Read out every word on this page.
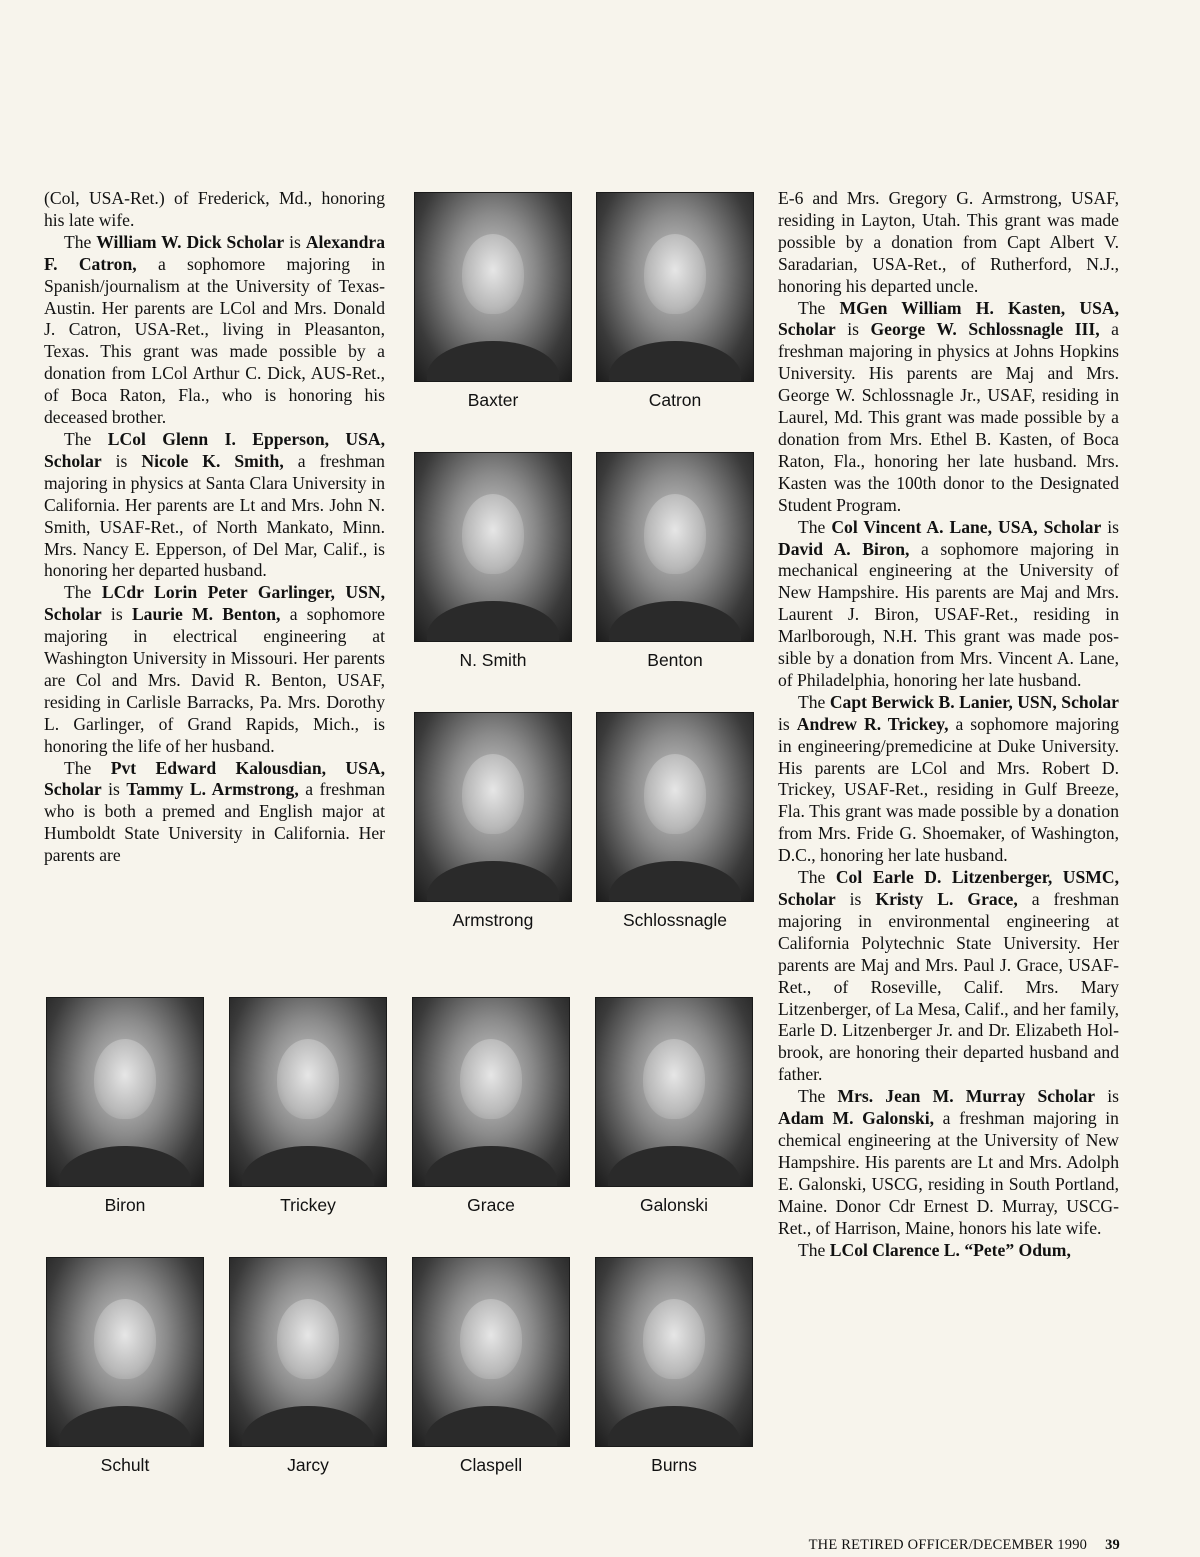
(Col, USA-Ret.) of Frederick, Md., honoring his late wife.

The William W. Dick Scholar is Alexandra F. Catron, a sophomore majoring in Spanish/journalism at the University of Texas-Austin. Her parents are LCol and Mrs. Donald J. Catron, USA-Ret., living in Pleasanton, Texas. This grant was made possible by a donation from LCol Arthur C. Dick, AUS-Ret., of Boca Raton, Fla., who is honoring his deceased brother.

The LCol Glenn I. Epperson, USA, Scholar is Nicole K. Smith, a freshman majoring in physics at Santa Clara University in California. Her parents are Lt and Mrs. John N. Smith, USAF-Ret., of North Mankato, Minn. Mrs. Nancy E. Epperson, of Del Mar, Calif., is honoring her departed husband.

The LCdr Lorin Peter Garlinger, USN, Scholar is Laurie M. Benton, a sophomore majoring in electrical engineering at Washington University in Missouri. Her parents are Col and Mrs. David R. Benton, USAF, residing in Carlisle Barracks, Pa. Mrs. Dorothy L. Garlinger, of Grand Rapids, Mich., is honoring the life of her husband.

The Pvt Edward Kalousdian, USA, Scholar is Tammy L. Armstrong, a freshman who is both a premed and English major at Humboldt State University in California. Her parents are

E-6 and Mrs. Gregory G. Armstrong, USAF, residing in Layton, Utah. This grant was made possible by a donation from Capt Albert V. Saradarian, USA-Ret., of Rutherford, N.J., honoring his departed uncle.

The MGen William H. Kasten, USA, Scholar is George W. Schlossnagle III, a freshman majoring in physics at Johns Hopkins University. His parents are Maj and Mrs. George W. Schlossnagle Jr., USAF, residing in Laurel, Md. This grant was made possible by a donation from Mrs. Ethel B. Kasten, of Boca Raton, Fla., honoring her late husband. Mrs. Kasten was the 100th donor to the Designated Student Program.

The Col Vincent A. Lane, USA, Scholar is David A. Biron, a sophomore majoring in mechanical engineering at the University of New Hampshire. His parents are Maj and Mrs. Laurent J. Biron, USAF-Ret., residing in Marlborough, N.H. This grant was made possible by a donation from Mrs. Vincent A. Lane, of Philadelphia, honoring her late husband.

The Capt Berwick B. Lanier, USN, Scholar is Andrew R. Trickey, a sophomore majoring in engineering/premedicine at Duke University. His parents are LCol and Mrs. Robert D. Trickey, USAF-Ret., residing in Gulf Breeze, Fla. This grant was made possible by a donation from Mrs. Fride G. Shoemaker, of Washington, D.C., honoring her late husband.

The Col Earle D. Litzenberger, USMC, Scholar is Kristy L. Grace, a freshman majoring in environmental engineering at California Polytechnic State University. Her parents are Maj and Mrs. Paul J. Grace, USAF-Ret., of Roseville, Calif. Mrs. Mary Litzenberger, of La Mesa, Calif., and her family, Earle D. Litzenberger Jr. and Dr. Elizabeth Holbrook, are honoring their departed husband and father.

The Mrs. Jean M. Murray Scholar is Adam M. Galonski, a freshman majoring in chemical engineering at the University of New Hampshire. His parents are Lt and Mrs. Adolph E. Galonski, USCG, residing in South Portland, Maine. Donor Cdr Ernest D. Murray, USCG-Ret., of Harrison, Maine, honors his late wife.

The LCol Clarence L. “Pete” Odum,

Baxter	Catron
N. Smith	Benton
Armstrong	Schlossnagle
Biron	Trickey	Grace	Galonski
Schult	Jarcy	Claspell	Burns
THE RETIRED OFFICER/DECEMBER 1990 39
